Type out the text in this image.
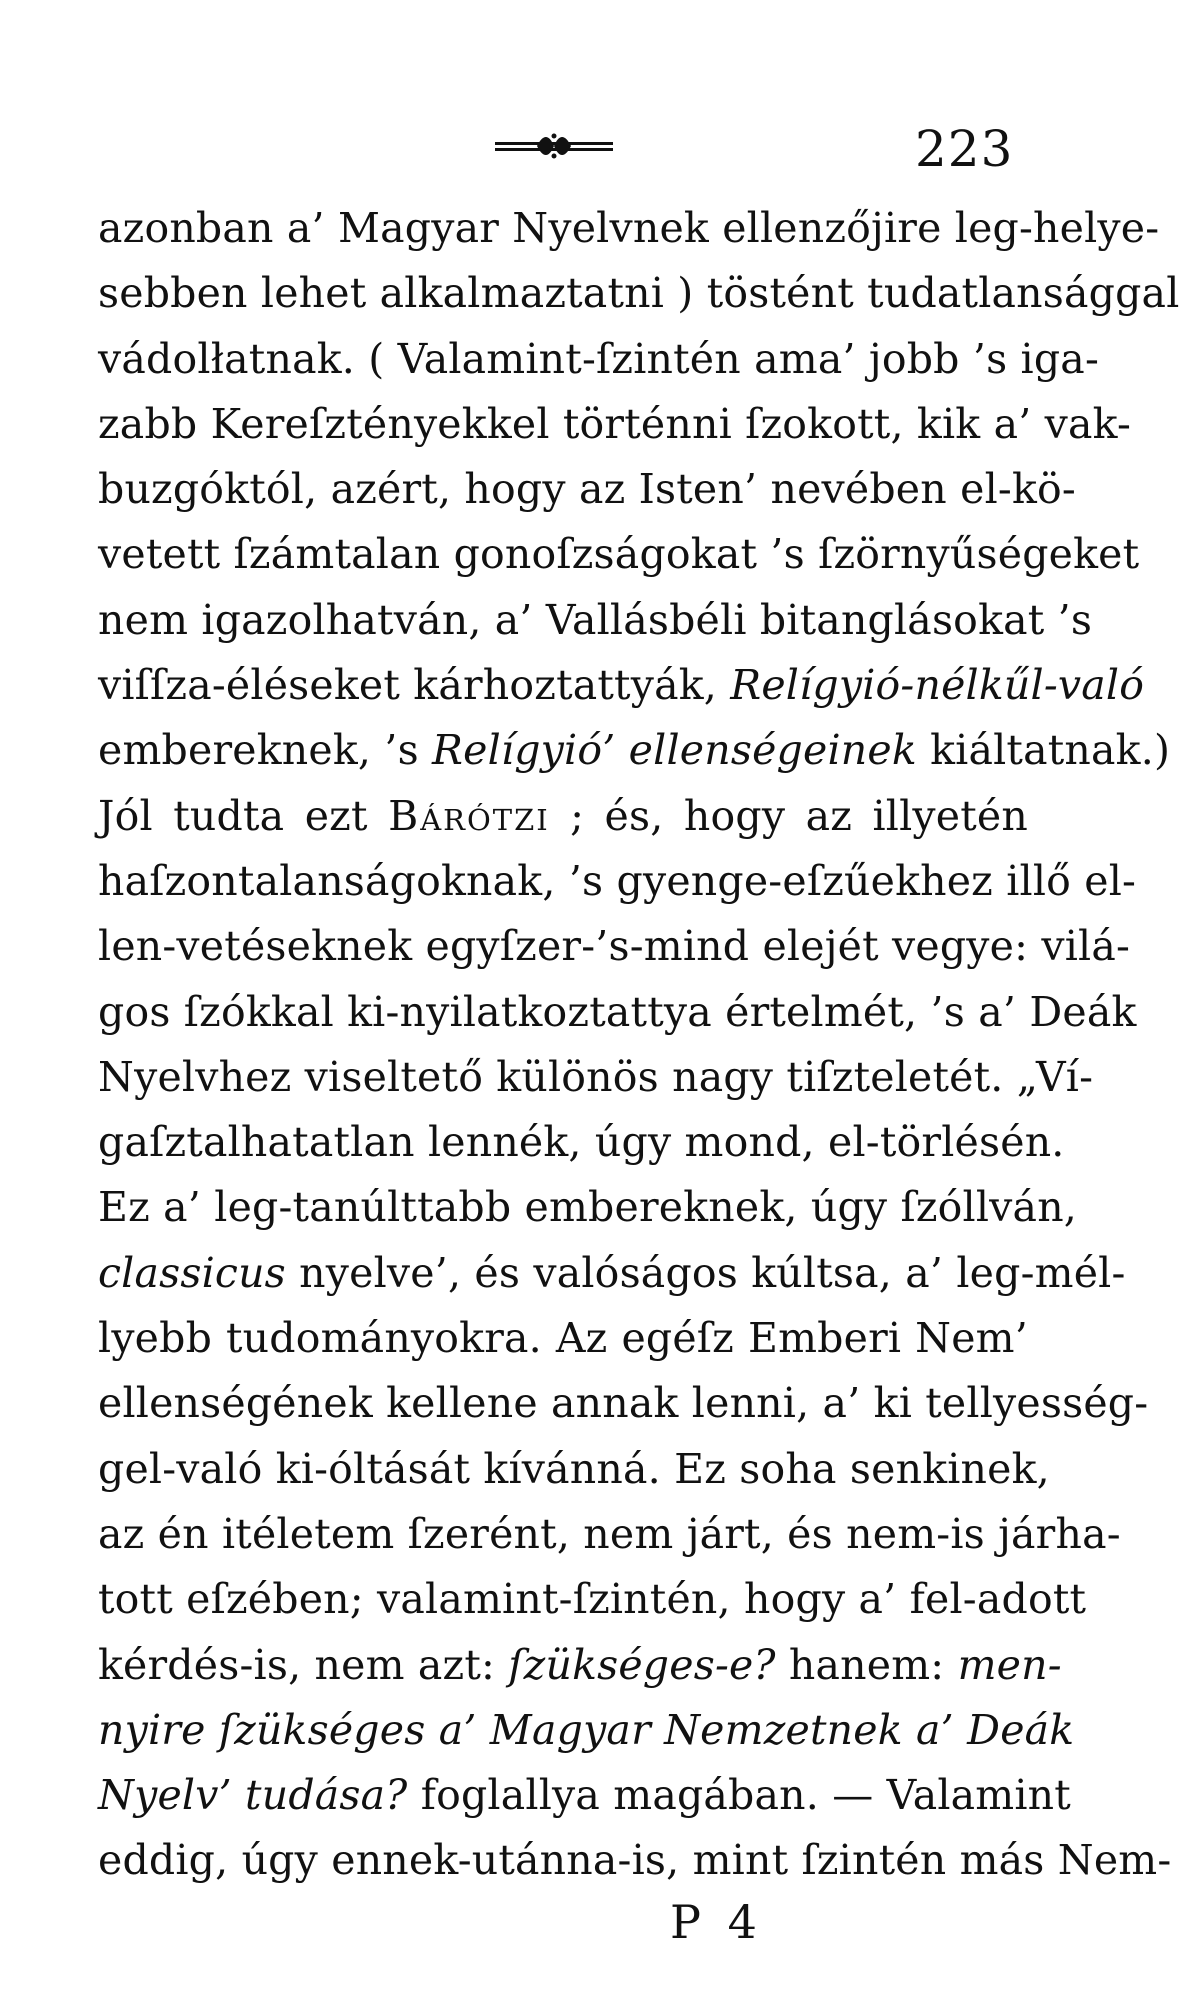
223
azonban a’ Magyar Nyelvnek ellenzőjire leg-helye-
sebben lehet alkalmaztatni ) töstént tudatlansággal
vádolłatnak. ( Valamint-ſzintén ama’ jobb ’s iga-
zabb Kereſztényekkel történni ſzokott, kik a’ vak-
buzgóktól, azért, hogy az Isten’ nevében el-kö-
vetett ſzámtalan gonoſzságokat ’s ſzörnyűségeket
nem igazolhatván, a’ Vallásbéli bitanglásokat ’s
viſſza-éléseket kárhoztattyák, Relígyió-nélkűl-való
embereknek, ’s Relígyió’ ellenségeinek kiáltatnak.)
Jól tudta ezt Bárótzi ; és, hogy az illyetén
haſzontalanságoknak, ’s gyenge-eſzűekhez illő el-
len-vetéseknek egyſzer-’s-mind elejét vegye: vilá-
gos ſzókkal ki-nyilatkoztattya értelmét, ’s a’ Deák
Nyelvhez viseltető különös nagy tiſzteletét. „Ví-
gaſztalhatatlan lennék, úgy mond, el-törlésén.
Ez a’ leg-tanúlttabb embereknek, úgy ſzóllván,
classicus nyelve’, és valóságos kúltsa, a’ leg-mél-
lyebb tudományokra. Az egéſz Emberi Nem’
ellenségének kellene annak lenni, a’ ki tellyesség-
gel-való ki-óltását kívánná. Ez soha senkinek,
az én itéletem ſzerént, nem járt, és nem-is járha-
tott eſzében; valamint-ſzintén, hogy a’ fel-adott
kérdés-is, nem azt: ſzükséges-e? hanem: men-
nyire ſzükséges a’ Magyar Nemzetnek a’ Deák
Nyelv’ tudása? foglallya magában. — Valamint
eddig, úgy ennek-utánna-is, mint ſzintén más Nem-
P 4
